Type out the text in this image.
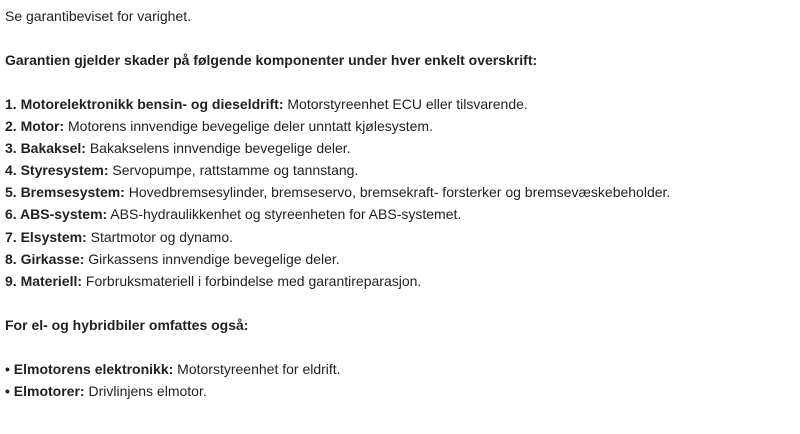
Se garantibeviset for varighet.
Garantien gjelder skader på følgende komponenter under hver enkelt overskrift:
1. Motorelektronikk bensin- og dieseldrift: Motorstyreenhet ECU eller tilsvarende.
2. Motor: Motorens innvendige bevegelige deler unntatt kjølesystem.
3. Bakaksel: Bakakselens innvendige bevegelige deler.
4. Styresystem: Servopumpe, rattstamme og tannstang.
5. Bremsesystem: Hovedbremsesylinder, bremseservo, bremsekraft- forsterker og bremsevæskebeholder.
6. ABS-system: ABS-hydraulikkenhet og styreenheten for ABS-systemet.
7. Elsystem: Startmotor og dynamo.
8. Girkasse: Girkassens innvendige bevegelige deler.
9. Materiell: Forbruksmateriell i forbindelse med garantireparasjon.
For el- og hybridbiler omfattes også:
• Elmotorens elektronikk: Motorstyreenhet for eldrift.
• Elmotorer: Drivlinjens elmotor.
